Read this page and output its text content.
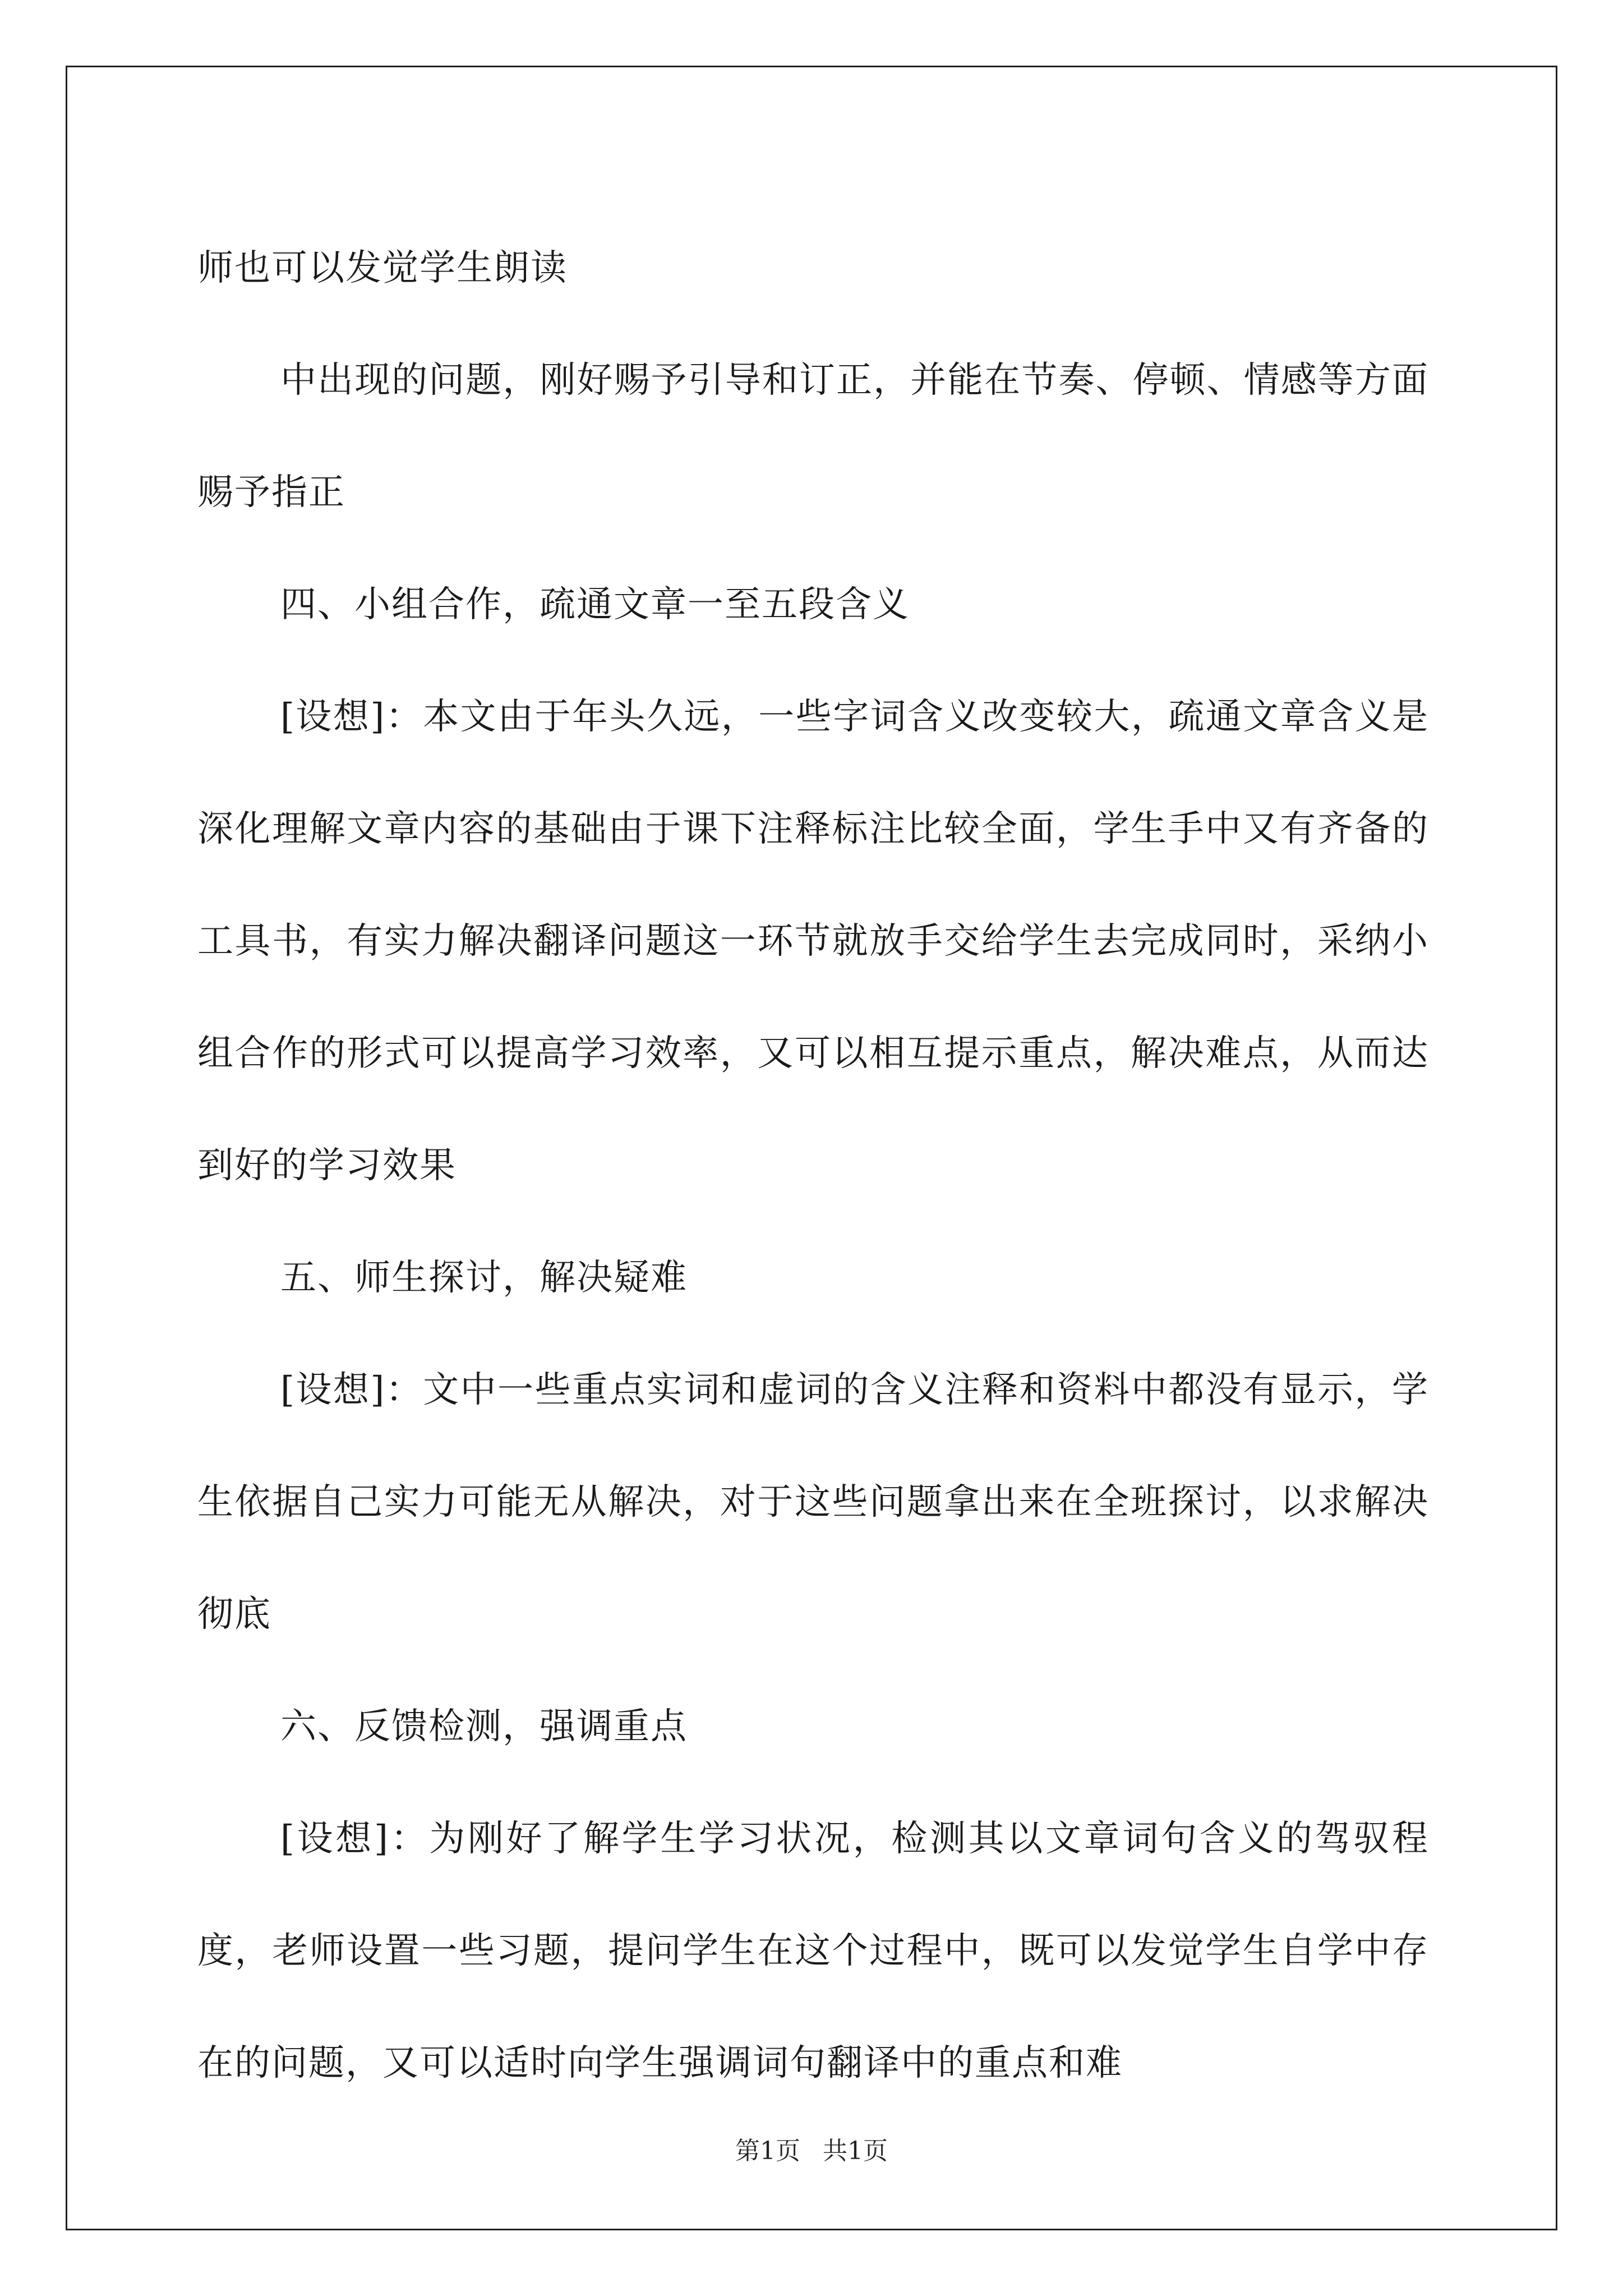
师也可以发觉学生朗读

中出现的问题，刚好赐予引导和订正，并能在节奏、停顿、情感等方面赐予指正

四、小组合作，疏通文章一至五段含义

[设想]：本文由于年头久远，一些字词含义改变较大，疏通文章含义是深化理解文章内容的基础由于课下注释标注比较全面，学生手中又有齐备的工具书，有实力解决翻译问题这一环节就放手交给学生去完成同时，采纳小组合作的形式可以提高学习效率，又可以相互提示重点，解决难点，从而达到好的学习效果

五、师生探讨，解决疑难

[设想]：文中一些重点实词和虚词的含义注释和资料中都没有显示，学生依据自己实力可能无从解决，对于这些问题拿出来在全班探讨，以求解决彻底

六、反馈检测，强调重点

[设想]：为刚好了解学生学习状况，检测其以文章词句含义的驾驭程度，老师设置一些习题，提问学生在这个过程中，既可以发觉学生自学中存在的问题，又可以适时向学生强调词句翻译中的重点和难

第1页 共1页
